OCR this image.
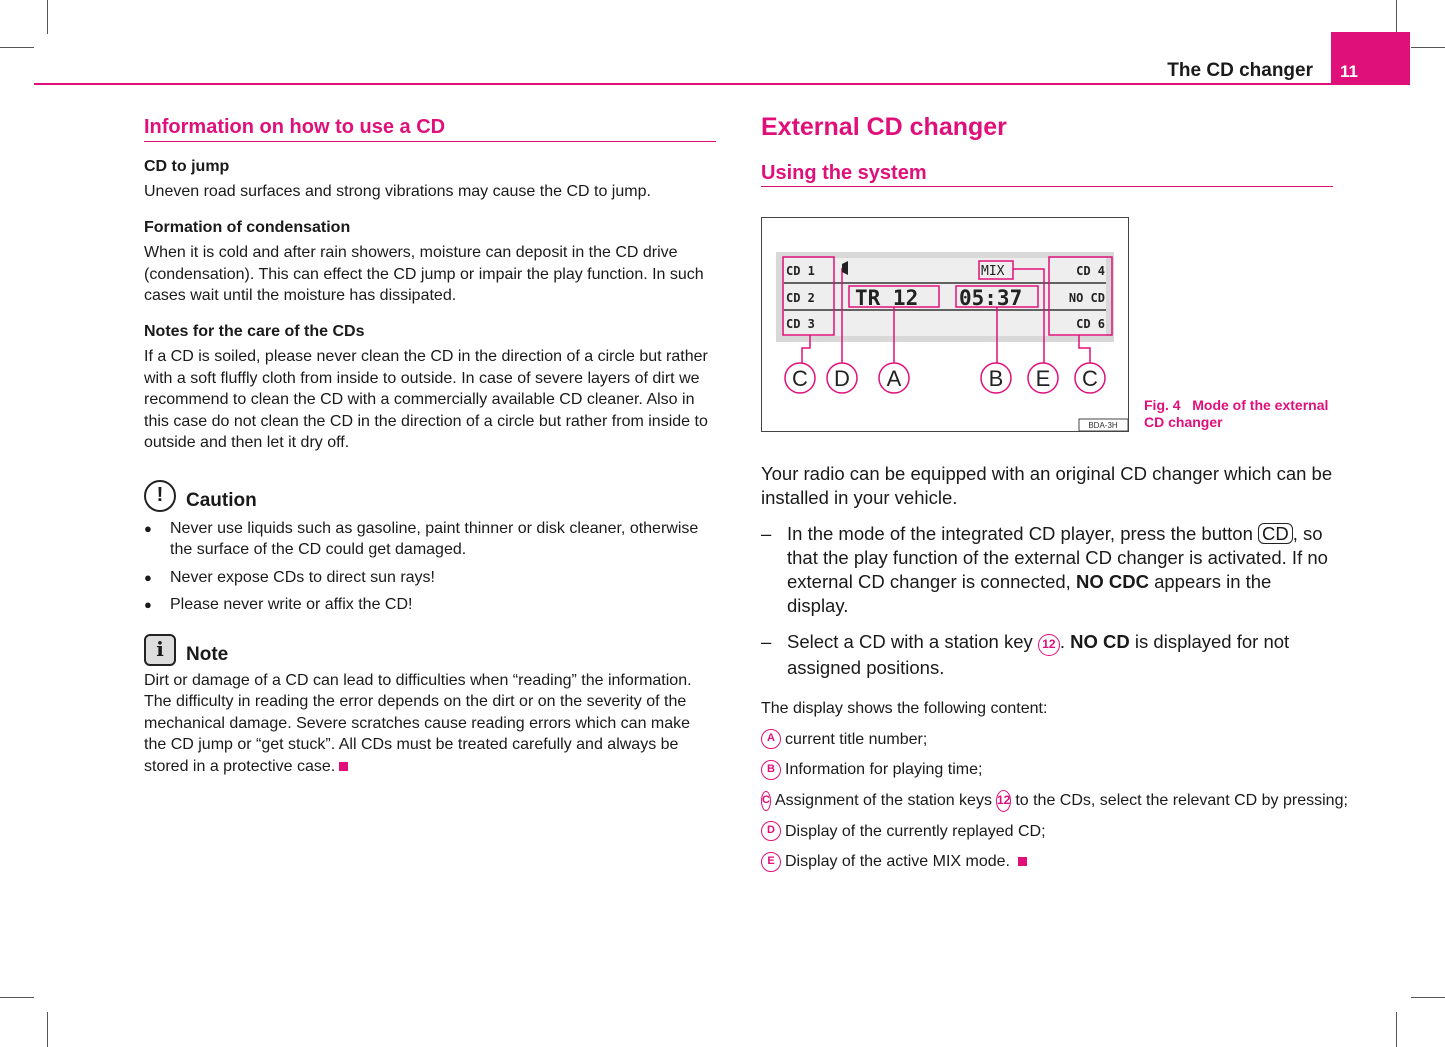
The CD changer	11
Information on how to use a CD
CD to jump

Uneven road surfaces and strong vibrations may cause the CD to jump.

Formation of condensation

When it is cold and after rain showers, moisture can deposit in the CD drive (condensation). This can effect the CD jump or impair the play function. In such cases wait until the moisture has dissipated.

Notes for the care of the CDs

If a CD is soiled, please never clean the CD in the direction of a circle but rather with a soft fluffly cloth from inside to outside. In case of severe layers of dirt we recommend to clean the CD with a commercially available CD cleaner. Also in this case do not clean the CD in the direction of a circle but rather from inside to outside and then let it dry off.

!	Caution
● Never use liquids such as gasoline, paint thinner or disk cleaner, otherwise the surface of the CD could get damaged.
● Never expose CDs to direct sun rays!
● Please never write or affix the CD!
i	Note

Dirt or damage of a CD can lead to difficulties when “reading” the information. The difficulty in reading the error depends on the dirt or on the severity of the mechanical damage. Severe scratches cause reading errors which can make the CD jump or “get stuck”. All CDs must be treated carefully and always be stored in a protective case.

External CD changer
Using the system
CD 1
CD 2
CD 3
CD 4
NO CD
CD 6
MIX
TR 12 05:37
C D A	B E C
BDA-3H
Fig. 4 Mode of the external CD changer

Your radio can be equipped with an original CD changer which can be installed in your vehicle.

– In the mode of the integrated CD player, press the button CD , so that the play function of the external CD changer is activated. If no external CD changer is connected, NO CDC appears in the display.
– Select a CD with a station key 12 . NO CD is displayed for not assigned positions.

The display shows the following content:

A current title number;
B Information for playing time;
C Assignment of the station keys 12 to the CDs, select the relevant CD by pressing;
D Display of the currently replayed CD;
E Display of the active MIX mode.
